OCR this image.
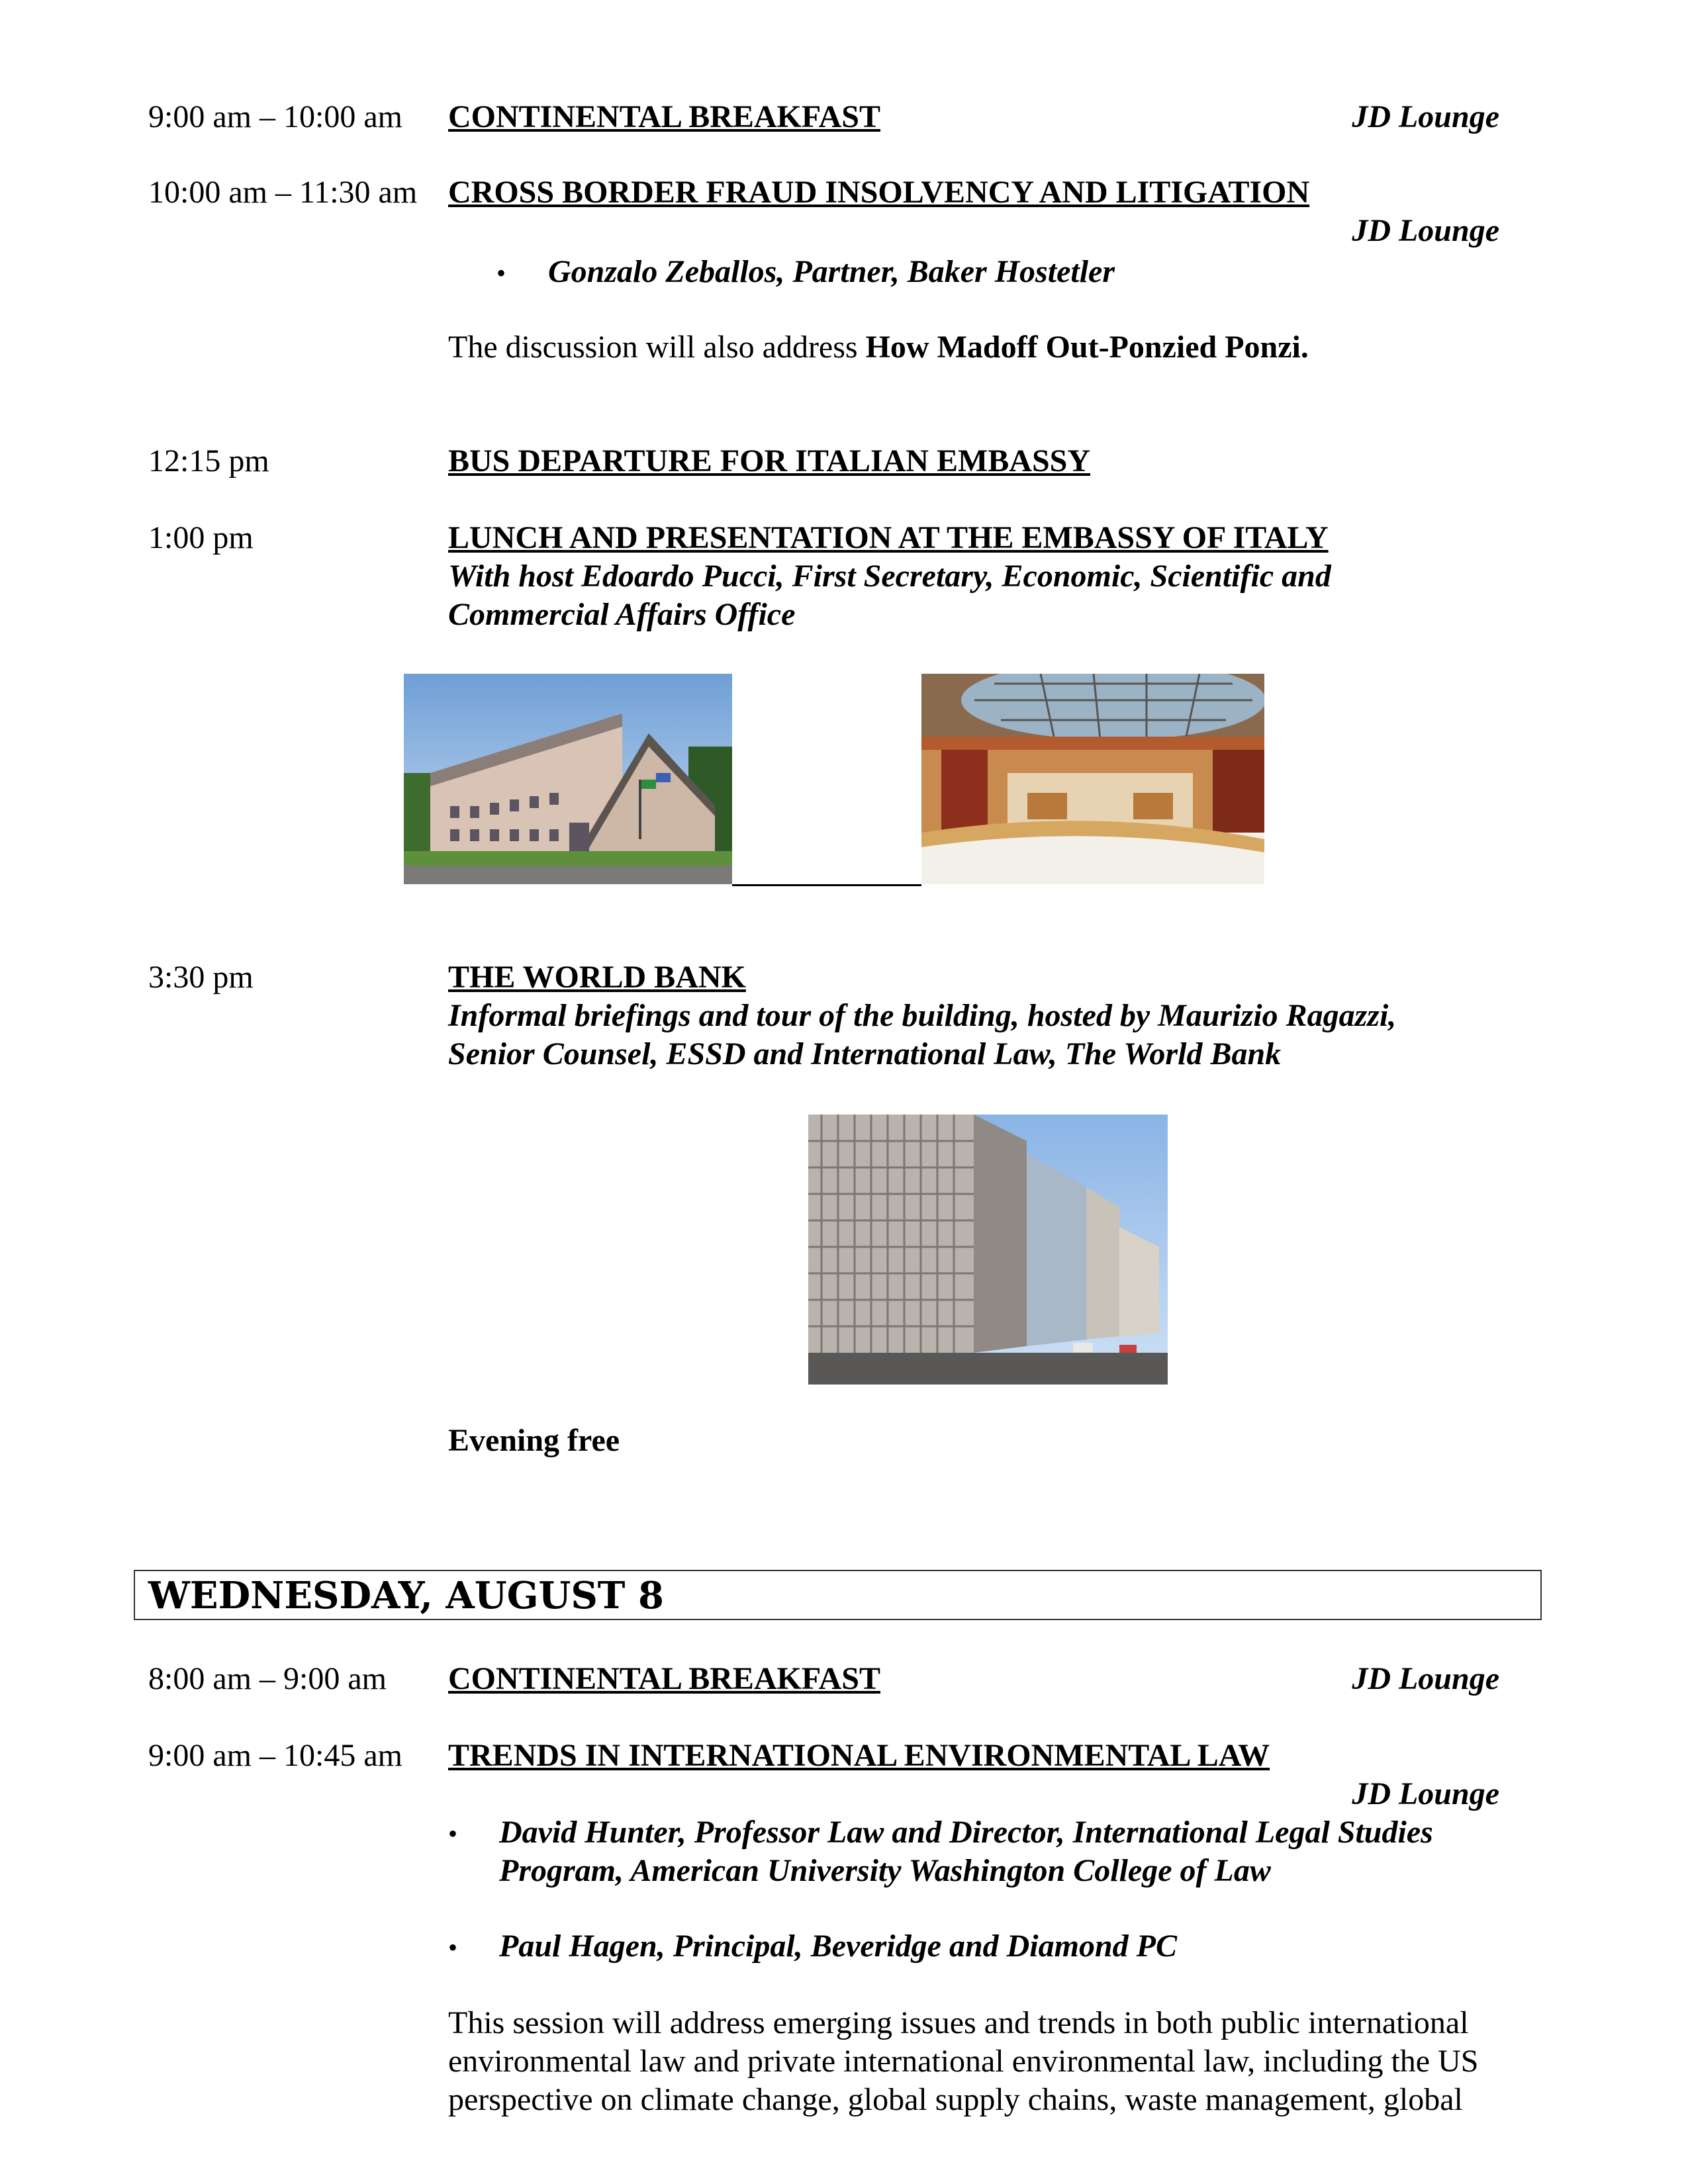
9:00 am – 10:00 am CONTINENTAL BREAKFAST	JD Lounge
10:00 am – 11:30 am CROSS BORDER FRAUD INSOLVENCY AND LITIGATION
JD Lounge
• Gonzalo Zeballos, Partner, Baker Hostetler
The discussion will also address How Madoff Out-Ponzied Ponzi.
12:15 pm	BUS DEPARTURE FOR ITALIAN EMBASSY
1:00 pm	LUNCH AND PRESENTATION AT THE EMBASSY OF ITALY
With host Edoardo Pucci, First Secretary, Economic, Scientific and
Commercial Affairs Office
3:30 pm	THE WORLD BANK
Informal briefings and tour of the building, hosted by Maurizio Ragazzi,
Senior Counsel, ESSD and International Law, The World Bank
Evening free
WEDNESDAY, AUGUST 8
8:00 am – 9:00 am CONTINENTAL BREAKFAST	JD Lounge
9:00 am – 10:45 am TRENDS IN INTERNATIONAL ENVIRONMENTAL LAW
JD Lounge
• David Hunter, Professor Law and Director, International Legal Studies
Program, American University Washington College of Law
• Paul Hagen, Principal, Beveridge and Diamond PC
This session will address emerging issues and trends in both public international
environmental law and private international environmental law, including the US
perspective on climate change, global supply chains, waste management, global
